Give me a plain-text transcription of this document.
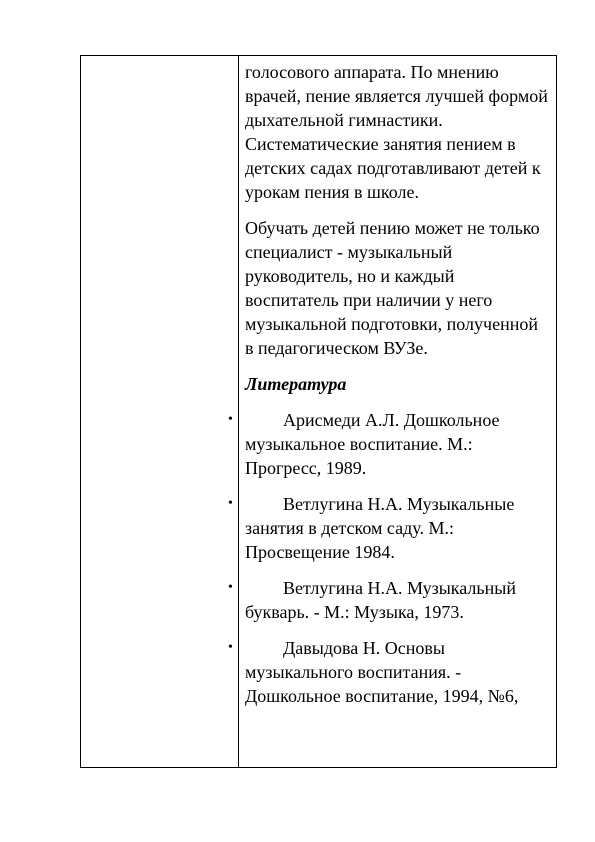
голосового аппарата. По мнению врачей, пение является лучшей формой дыхательной гимнастики. Систематические занятия пением в детских садах подготавливают детей к урокам пения в школе.

Обучать детей пению может не только специалист - музыкальный руководитель, но и каждый воспитатель при наличии у него музыкальной подготовки, полученной в педагогическом ВУЗе.

Литература

•	Арисмеди А.Л. Дошкольное музыкальное воспитание. М.: Прогресс, 1989.
•	Ветлугина Н.А. Музыкальные занятия в детском саду. М.: Просвещение 1984.
•	Ветлугина Н.А. Музыкальный букварь. - М.: Музыка, 1973.
•	Давыдова Н. Основы музыкального воспитания. - Дошкольное воспитание, 1994, №6,
